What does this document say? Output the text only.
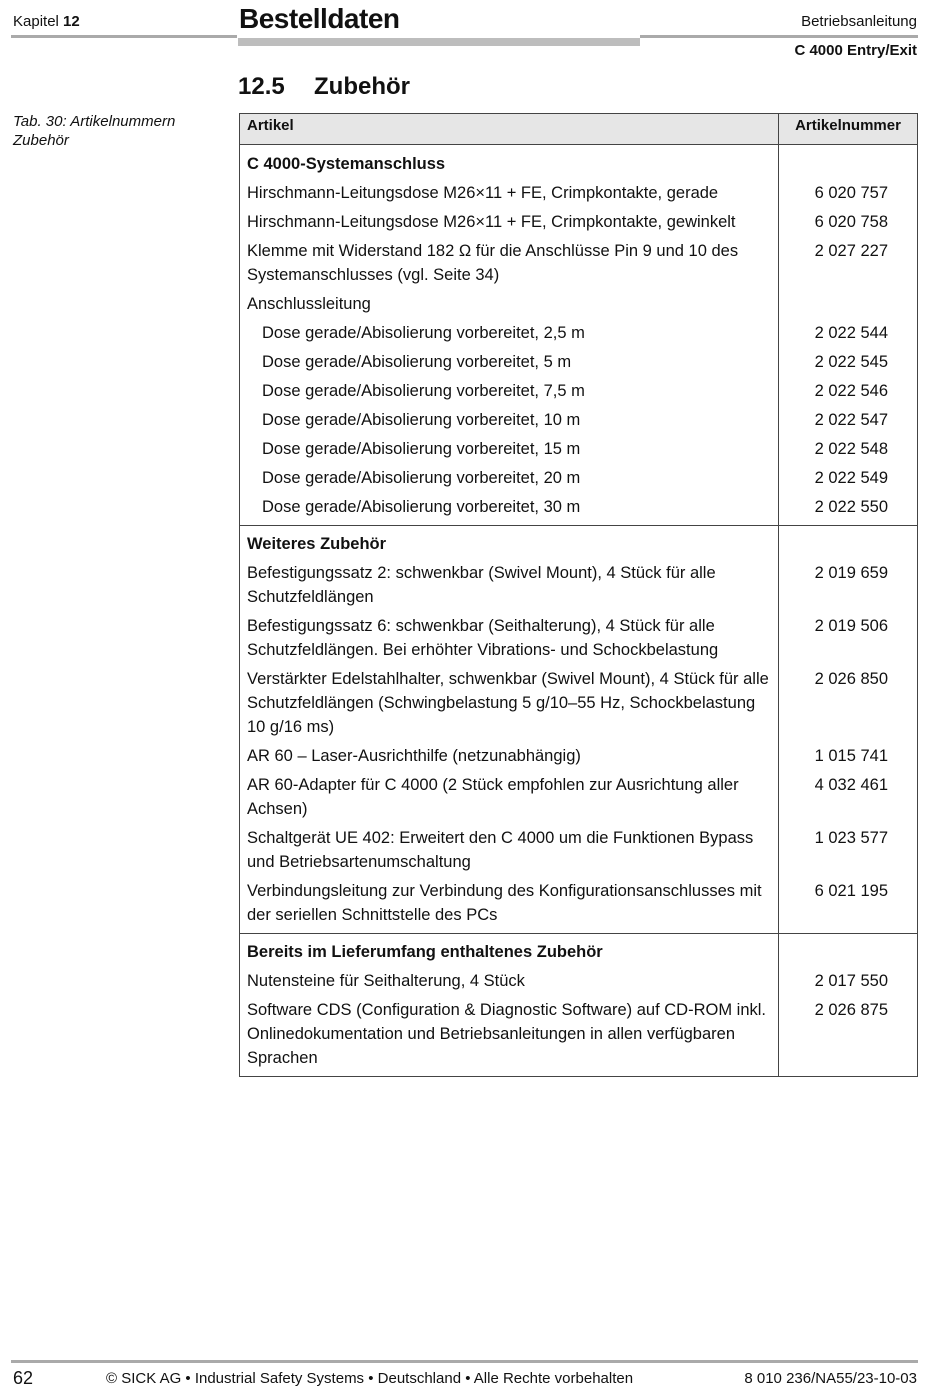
Kapitel 12	Bestelldaten	Betriebsanleitung
C 4000 Entry/Exit
12.5 Zubehör
Tab. 30: Artikelnummern Zubehör
Artikel	Artikelnummer
C 4000-Systemanschluss	
Hirschmann-Leitungsdose M26×11 + FE, Crimpkontakte, gerade	6 020 757
Hirschmann-Leitungsdose M26×11 + FE, Crimpkontakte, gewinkelt	6 020 758
Klemme mit Widerstand 182 Ω für die Anschlüsse Pin 9 und 10 des Systemanschlusses (vgl. Seite 34)	2 027 227
Anschlussleitung	
Dose gerade/Abisolierung vorbereitet, 2,5 m	2 022 544
Dose gerade/Abisolierung vorbereitet, 5 m	2 022 545
Dose gerade/Abisolierung vorbereitet, 7,5 m	2 022 546
Dose gerade/Abisolierung vorbereitet, 10 m	2 022 547
Dose gerade/Abisolierung vorbereitet, 15 m	2 022 548
Dose gerade/Abisolierung vorbereitet, 20 m	2 022 549
Dose gerade/Abisolierung vorbereitet, 30 m	2 022 550
Weiteres Zubehör	
Befestigungssatz 2: schwenkbar (Swivel Mount), 4 Stück für alle Schutzfeldlängen	2 019 659
Befestigungssatz 6: schwenkbar (Seithalterung), 4 Stück für alle Schutzfeldlängen. Bei erhöhter Vibrations- und Schockbelastung	2 019 506
Verstärkter Edelstahlhalter, schwenkbar (Swivel Mount), 4 Stück für alle Schutzfeldlängen (Schwingbelastung 5 g/10–55 Hz, Schockbelastung 10 g/16 ms)	2 026 850
AR 60 – Laser-Ausrichthilfe (netzunabhängig)	1 015 741
AR 60-Adapter für C 4000 (2 Stück empfohlen zur Ausrichtung aller Achsen)	4 032 461
Schaltgerät UE 402: Erweitert den C 4000 um die Funktionen Bypass und Betriebsartenumschaltung	1 023 577
Verbindungsleitung zur Verbindung des Konfigurationsanschlusses mit der seriellen Schnittstelle des PCs	6 021 195
Bereits im Lieferumfang enthaltenes Zubehör	
Nutensteine für Seithalterung, 4 Stück	2 017 550
Software CDS (Configuration & Diagnostic Software) auf CD-ROM inkl. Onlinedokumentation und Betriebsanleitungen in allen verfügbaren Sprachen	2 026 875
62	© SICK AG • Industrial Safety Systems • Deutschland • Alle Rechte vorbehalten	8 010 236/NA55/23-10-03
